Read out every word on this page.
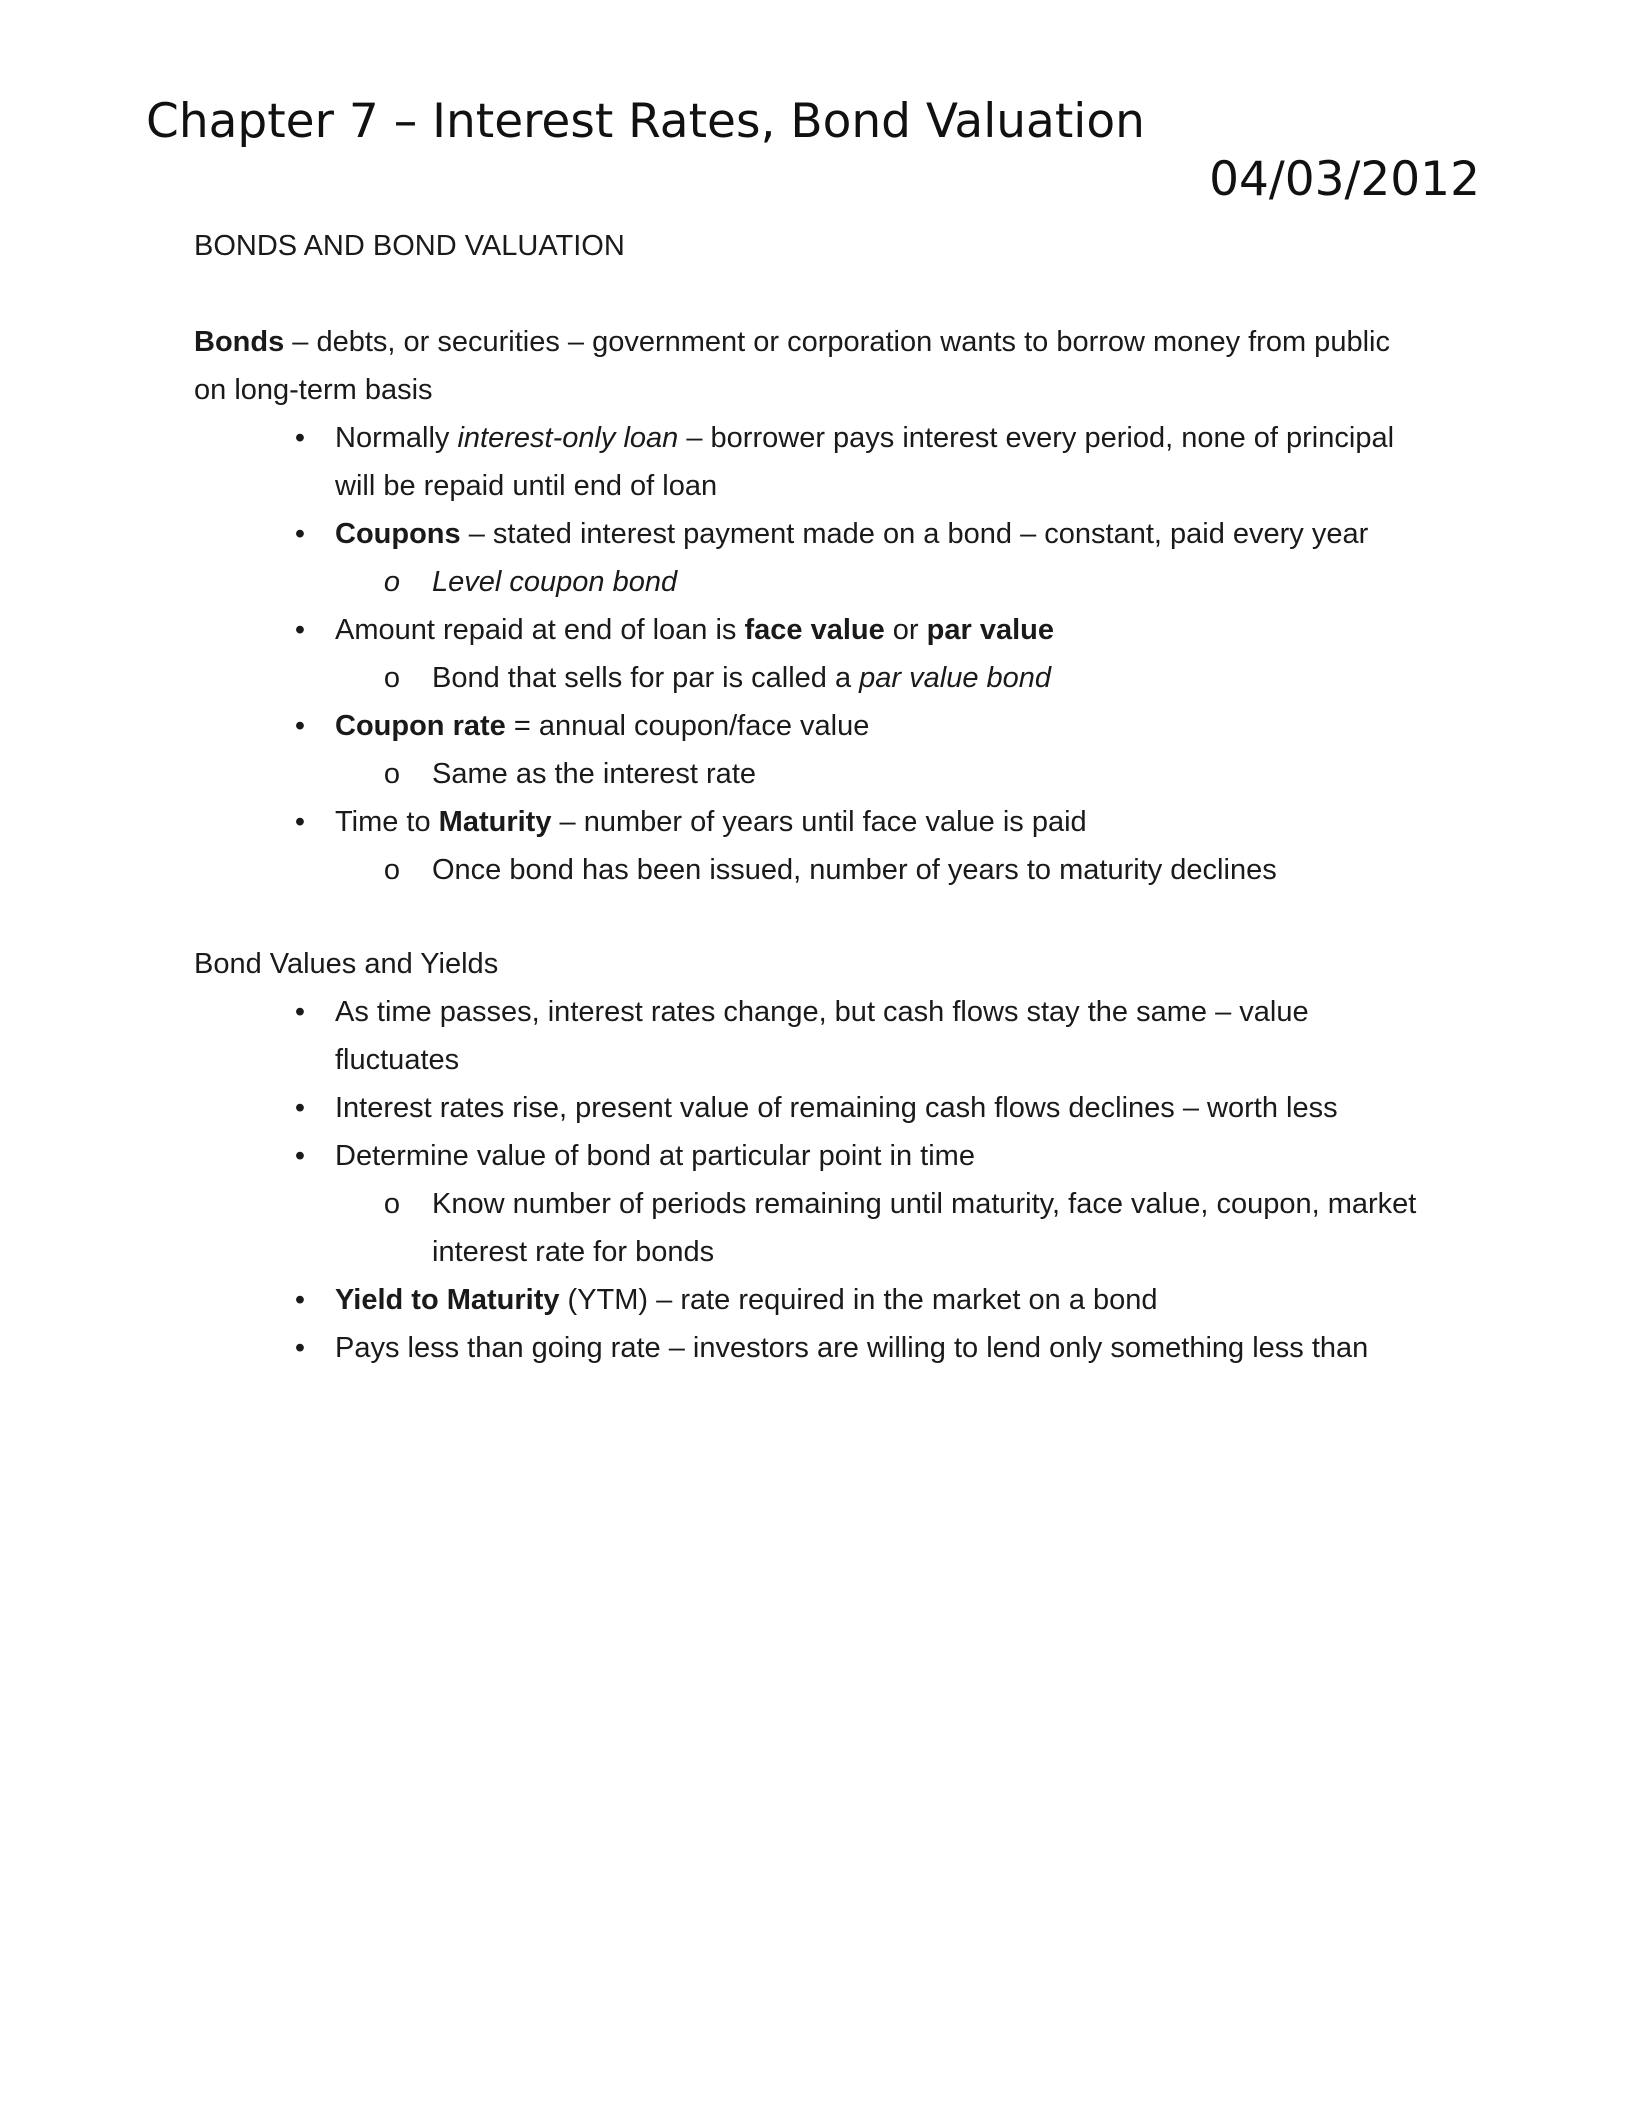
Chapter 7 – Interest Rates, Bond Valuation
04/03/2012
BONDS AND BOND VALUATION

Bonds – debts, or securities – government or corporation wants to borrow money from public
on long-term basis

• Normally interest-only loan – borrower pays interest every period, none of principal
will be repaid until end of loan
• Coupons – stated interest payment made on a bond – constant, paid every year
o Level coupon bond
• Amount repaid at end of loan is face value or par value
o Bond that sells for par is called a par value bond
• Coupon rate = annual coupon/face value
o Same as the interest rate
• Time to Maturity – number of years until face value is paid
o Once bond has been issued, number of years to maturity declines
Bond Values and Yields
• As time passes, interest rates change, but cash flows stay the same – value
fluctuates
• Interest rates rise, present value of remaining cash flows declines – worth less
• Determine value of bond at particular point in time
o Know number of periods remaining until maturity, face value, coupon, market
interest rate for bonds
• Yield to Maturity (YTM) – rate required in the market on a bond
• Pays less than going rate – investors are willing to lend only something less than
